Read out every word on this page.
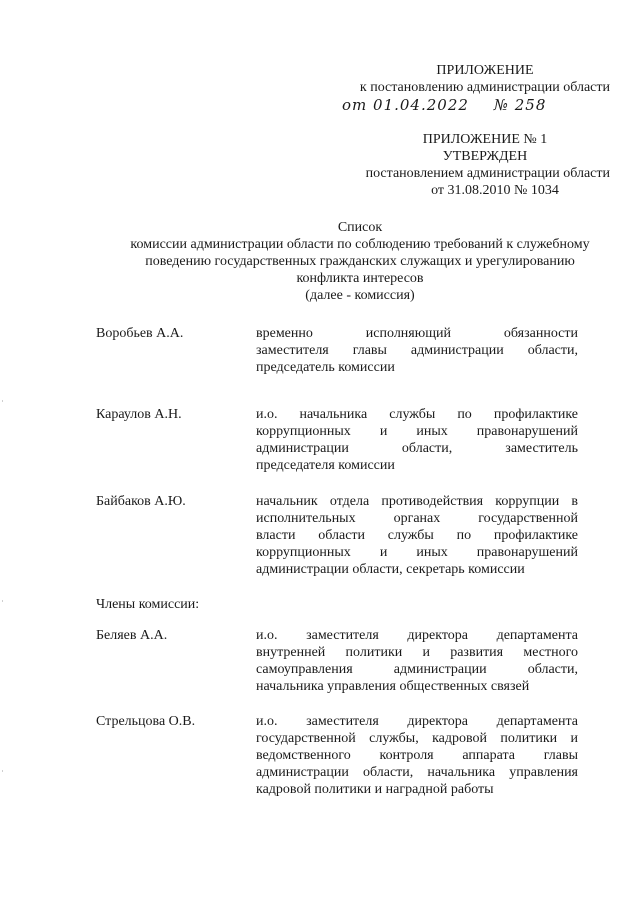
ПРИЛОЖЕНИЕ
к постановлению администрации области
от 01.04.2022 № 258
ПРИЛОЖЕНИЕ № 1
УТВЕРЖДЕН
постановлением администрации области
от 31.08.2010 № 1034
Список
комиссии администрации области по соблюдению требований к служебному
поведению государственных гражданских служащих и урегулированию
конфликта интересов
(далее - комиссия)
Воробьев А.А.	временно исполняющий обязанности
заместителя главы администрации области,
председатель комиссии
Караулов А.Н.	и.о. начальника службы по профилактике
коррупционных и иных правонарушений
администрации области, заместитель
председателя комиссии
Байбаков А.Ю.	начальник отдела противодействия коррупции в
исполнительных органах государственной
власти области службы по профилактике
коррупционных и иных правонарушений
администрации области, секретарь комиссии
Члены комиссии:
Беляев А.А.	и.о. заместителя директора департамента
внутренней политики и развития местного
самоуправления администрации области,
начальника управления общественных связей
Стрельцова О.В.	и.о. заместителя директора департамента
государственной службы, кадровой политики и
ведомственного контроля аппарата главы
администрации области, начальника управления
кадровой политики и наградной работы
